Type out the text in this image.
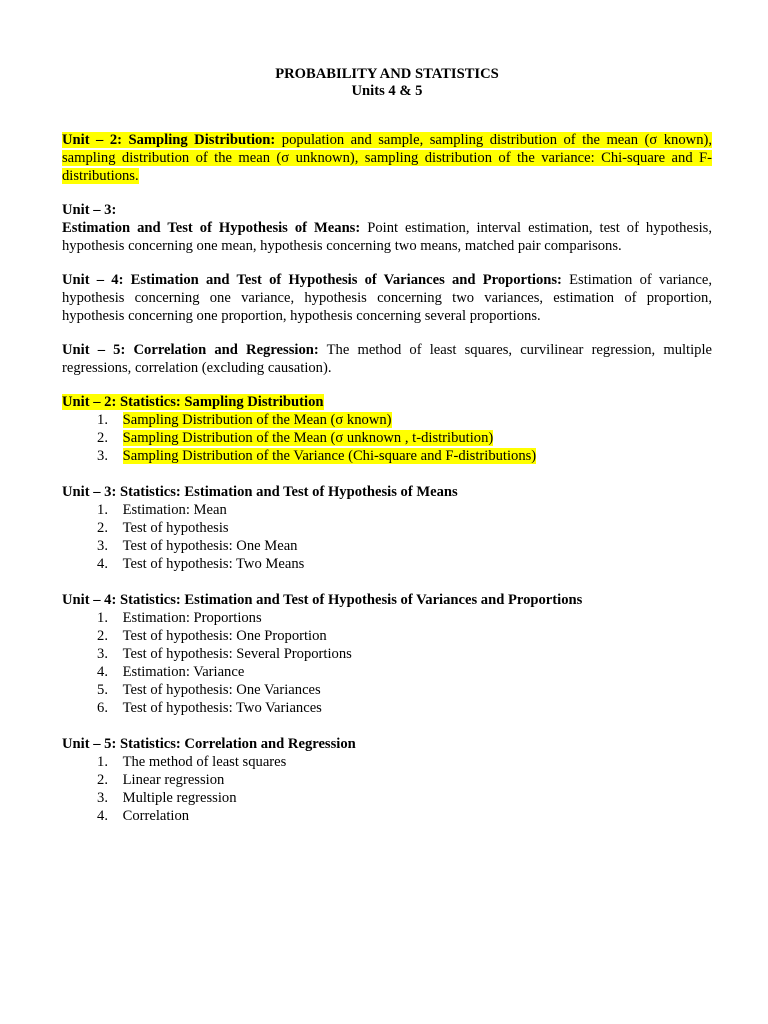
PROBABILITY AND STATISTICS
Units 4 & 5

Unit – 2: Sampling Distribution: population and sample, sampling distribution of the mean (σ known), sampling distribution of the mean (σ unknown), sampling distribution of the variance: Chi-square and F-distributions.

Unit – 3:
Estimation and Test of Hypothesis of Means: Point estimation, interval estimation, test of hypothesis, hypothesis concerning one mean, hypothesis concerning two means, matched pair comparisons.

Unit – 4: Estimation and Test of Hypothesis of Variances and Proportions: Estimation of variance, hypothesis concerning one variance, hypothesis concerning two variances, estimation of proportion, hypothesis concerning one proportion, hypothesis concerning several proportions.

Unit – 5: Correlation and Regression: The method of least squares, curvilinear regression, multiple regressions, correlation (excluding causation).

Unit – 2: Statistics: Sampling Distribution
1. Sampling Distribution of the Mean (σ known)
2. Sampling Distribution of the Mean (σ unknown , t-distribution)
3. Sampling Distribution of the Variance (Chi-square and F-distributions)
Unit – 3: Statistics: Estimation and Test of Hypothesis of Means
1. Estimation: Mean
2. Test of hypothesis
3. Test of hypothesis: One Mean
4. Test of hypothesis: Two Means
Unit – 4: Statistics: Estimation and Test of Hypothesis of Variances and Proportions
1. Estimation: Proportions
2. Test of hypothesis: One Proportion
3. Test of hypothesis: Several Proportions
4. Estimation: Variance
5. Test of hypothesis: One Variances
6. Test of hypothesis: Two Variances
Unit – 5: Statistics: Correlation and Regression
1. The method of least squares
2. Linear regression
3. Multiple regression
4. Correlation
